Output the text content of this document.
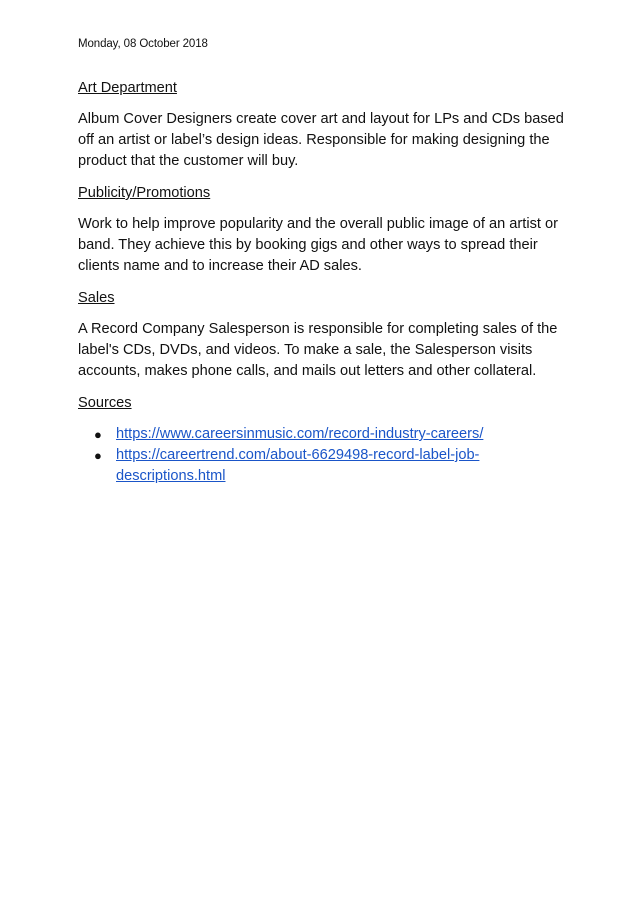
Monday, 08 October 2018
Art Department

Album Cover Designers create cover art and layout for LPs and CDs based off an artist or label’s design ideas. Responsible for making designing the product that the customer will buy.

Publicity/Promotions

Work to help improve popularity and the overall public image of an artist or band. They achieve this by booking gigs and other ways to spread their clients name and to increase their AD sales.

Sales

A Record Company Salesperson is responsible for completing sales of the label's CDs, DVDs, and videos. To make a sale, the Salesperson visits accounts, makes phone calls, and mails out letters and other collateral.

Sources
● https://www.careersinmusic.com/record-industry-careers/
● https://careertrend.com/about-6629498-record-label-job-descriptions.html
